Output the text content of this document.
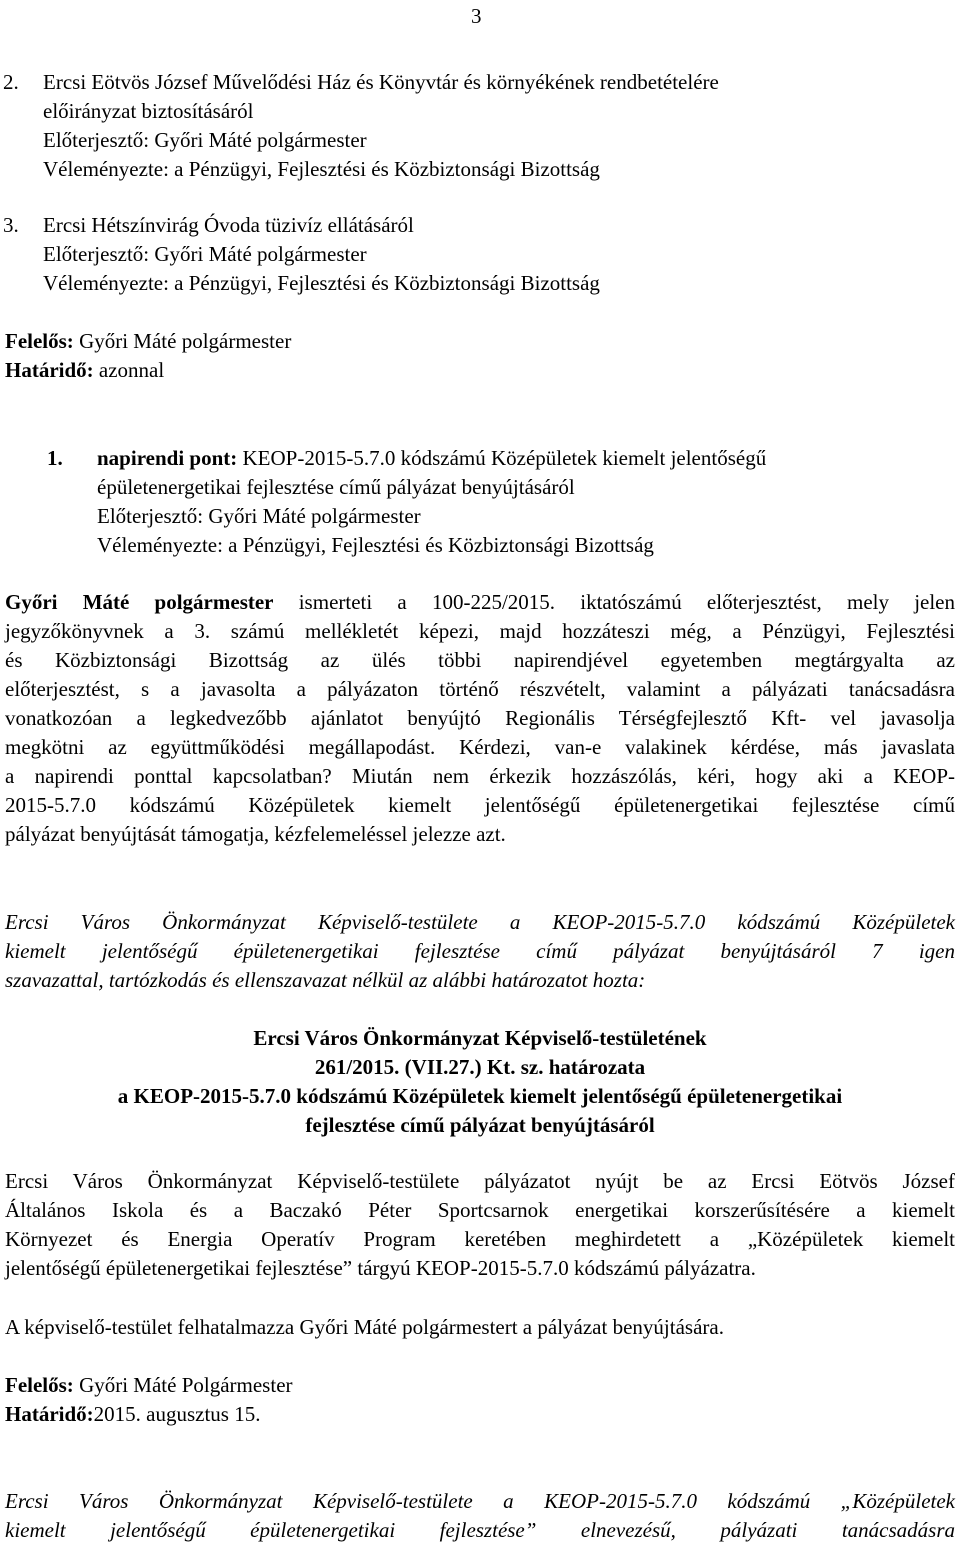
3
2. Ercsi Eötvös József Művelődési Ház és Könyvtár és környékének rendbetételére
előirányzat biztosításáról
Előterjesztő: Győri Máté polgármester
Véleményezte: a Pénzügyi, Fejlesztési és Közbiztonsági Bizottság
3. Ercsi Hétszínvirág Óvoda tüzivíz ellátásáról
Előterjesztő: Győri Máté polgármester
Véleményezte: a Pénzügyi, Fejlesztési és Közbiztonsági Bizottság
Felelős: Győri Máté polgármester
Határidő: azonnal
1. napirendi pont: KEOP-2015-5.7.0 kódszámú Középületek kiemelt jelentőségű
épületenergetikai fejlesztése című pályázat benyújtásáról
Előterjesztő: Győri Máté polgármester
Véleményezte: a Pénzügyi, Fejlesztési és Közbiztonsági Bizottság
Győri Máté polgármester ismerteti a 100-225/2015. iktatószámú előterjesztést, mely jelen
jegyzőkönyvnek a 3. számú mellékletét képezi, majd hozzáteszi még, a Pénzügyi, Fejlesztési
és Közbiztonsági Bizottság az ülés többi napirendjével egyetemben megtárgyalta az
előterjesztést, s a javasolta a pályázaton történő részvételt, valamint a pályázati tanácsadásra
vonatkozóan a legkedvezőbb ajánlatot benyújtó Regionális Térségfejlesztő Kft- vel javasolja
megkötni az együttműködési megállapodást. Kérdezi, van-e valakinek kérdése, más javaslata
a napirendi ponttal kapcsolatban? Miután nem érkezik hozzászólás, kéri, hogy aki a KEOP-
2015-5.7.0 kódszámú Középületek kiemelt jelentőségű épületenergetikai fejlesztése című
pályázat benyújtását támogatja, kézfelemeléssel jelezze azt.
Ercsi Város Önkormányzat Képviselő-testülete a KEOP-2015-5.7.0 kódszámú Középületek
kiemelt jelentőségű épületenergetikai fejlesztése című pályázat benyújtásáról 7 igen
szavazattal, tartózkodás és ellenszavazat nélkül az alábbi határozatot hozta:
Ercsi Város Önkormányzat Képviselő-testületének
261/2015. (VII.27.) Kt. sz. határozata
a KEOP-2015-5.7.0 kódszámú Középületek kiemelt jelentőségű épületenergetikai
fejlesztése című pályázat benyújtásáról
Ercsi Város Önkormányzat Képviselő-testülete pályázatot nyújt be az Ercsi Eötvös József
Általános Iskola és a Baczakó Péter Sportcsarnok energetikai korszerűsítésére a kiemelt
Környezet és Energia Operatív Program keretében meghirdetett a „Középületek kiemelt
jelentőségű épületenergetikai fejlesztése” tárgyú KEOP-2015-5.7.0 kódszámú pályázatra.
A képviselő-testület felhatalmazza Győri Máté polgármestert a pályázat benyújtására.
Felelős: Győri Máté Polgármester
Határidő:2015. augusztus 15.
Ercsi Város Önkormányzat Képviselő-testülete a KEOP-2015-5.7.0 kódszámú „Középületek
kiemelt jelentőségű épületenergetikai fejlesztése” elnevezésű, pályázati tanácsadásra
